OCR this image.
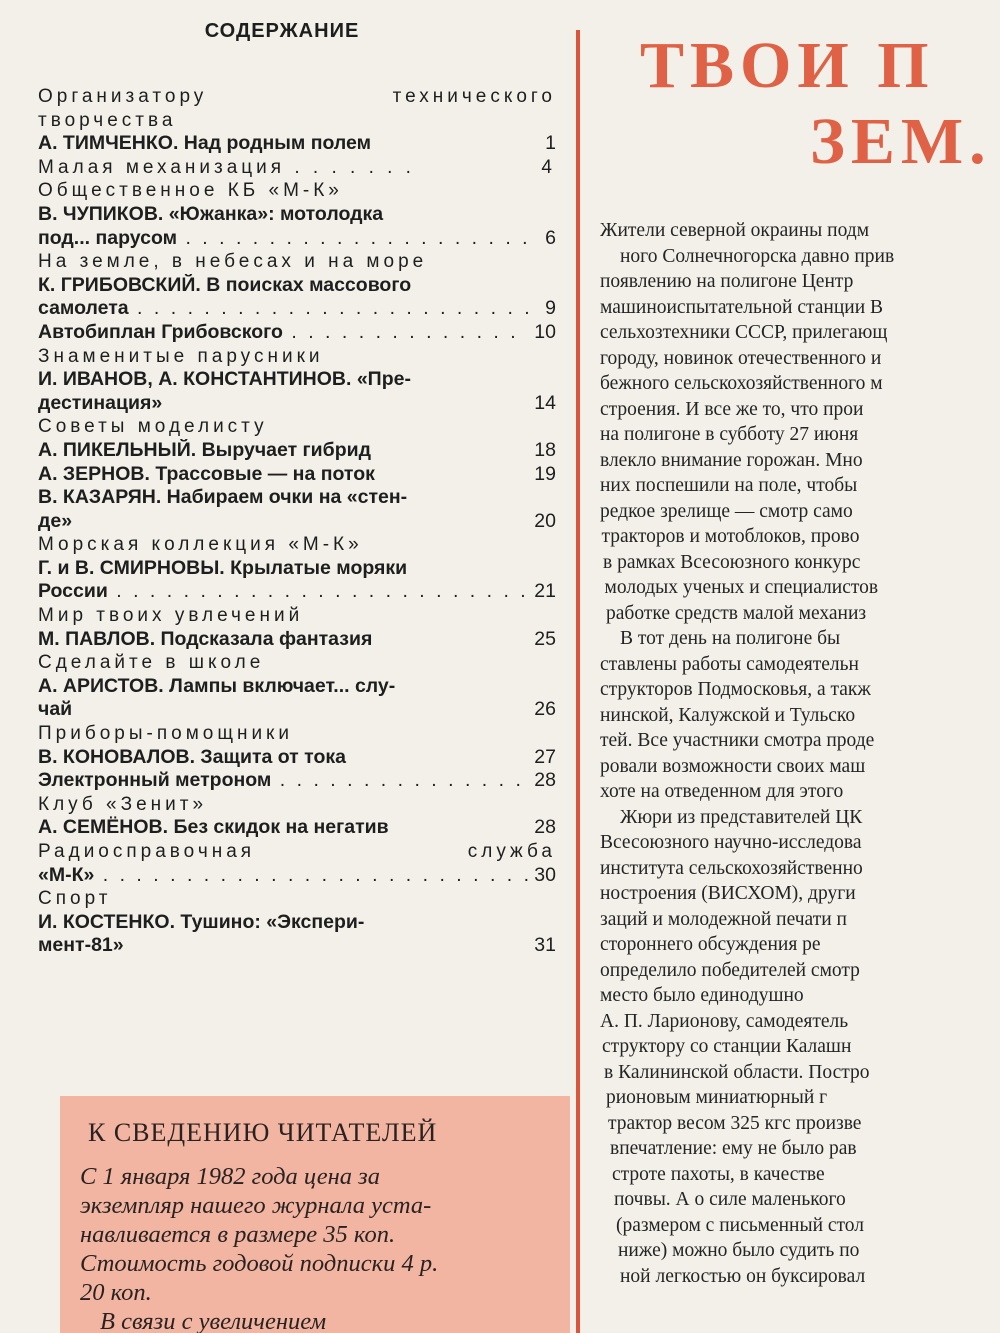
СОДЕРЖАНИЕ
Организатору	технического
творчества
А. ТИМЧЕНКО. Над родным полем	1
Малая механизация . . . . . . .	4
Общественное КБ «М-К»
В. ЧУПИКОВ. «Южанка»: мотолодка
под... парусом . . .	6
На земле, в небесах и на море
К. ГРИБОВСКИЙ. В поисках массового
самолета . . .	9
Автобиплан Грибовского . . .	10
Знаменитые парусники
И. ИВАНОВ, А. КОНСТАНТИНОВ. «Пре-
дестинация»	14
Советы моделисту
А. ПИКЕЛЬНЫЙ. Выручает гибрид	18
А. ЗЕРНОВ. Трассовые — на поток	19
В. КАЗАРЯН. Набираем очки на «стен-
де»	20
Морская коллекция «М-К»
Г. и В. СМИРНОВЫ. Крылатые моряки
России . . .	21
Мир твоих увлечений
М. ПАВЛОВ. Подсказала фантазия	25
Сделайте в школе
А. АРИСТОВ. Лампы включает... слу-
чай	26
Приборы-помощники
В. КОНОВАЛОВ. Защита от тока	27
Электронный метроном . . .	28
Клуб «Зенит»
А. СЕМЁНОВ. Без скидок на негатив	28
Радиосправочная	служба
«М-К» . . .	30
Спорт
И. КОСТЕНКО. Тушино: «Экспери-
мент-81»	31
К СВЕДЕНИЮ ЧИТАТЕЛЕЙ
С 1 января 1982 года цена за
экземпляр нашего журнала уста-
навливается в размере 35 коп.
Стоимость годовой подписки 4 р.
20 коп.
В связи с увеличением
ТВОИ П
ЗЕМ.
Жители северной окраины подм
ного Солнечногорска давно прив
появлению на полигоне Центр
машиноиспытательной станции В
сельхозтехники СССР, прилегающ
городу, новинок отечественного и
бежного сельскохозяйственного м
строения. И все же то, что прои
на полигоне в субботу 27 июня
влекло внимание горожан. Мно
них поспешили на поле, чтобы
редкое зрелище — смотр само
тракторов и мотоблоков, прово
в рамках Всесоюзного конкурс
молодых ученых и специалистов
работке средств малой механиз
В тот день на полигоне бы
ставлены работы самодеятельн
структоров Подмосковья, а такж
нинской, Калужской и Тульско
тей. Все участники смотра проде
ровали возможности своих маш
хоте на отведенном для этого
Жюри из представителей ЦК
Всесоюзного научно-исследова
института сельскохозяйственно
ностроения (ВИСХОМ), други
заций и молодежной печати п
стороннего обсуждения ре
определило победителей смотр
место было единодушно
А. П. Ларионову, самодеятель
структору со станции Калашн
в Калининской области. Постро
рионовым миниатюрный г
трактор весом 325 кгс произве
впечатление: ему не было рав
строте пахоты, в качестве
почвы. А о силе маленького
(размером с письменный стол
ниже) можно было судить по
ной легкостью он буксировал
